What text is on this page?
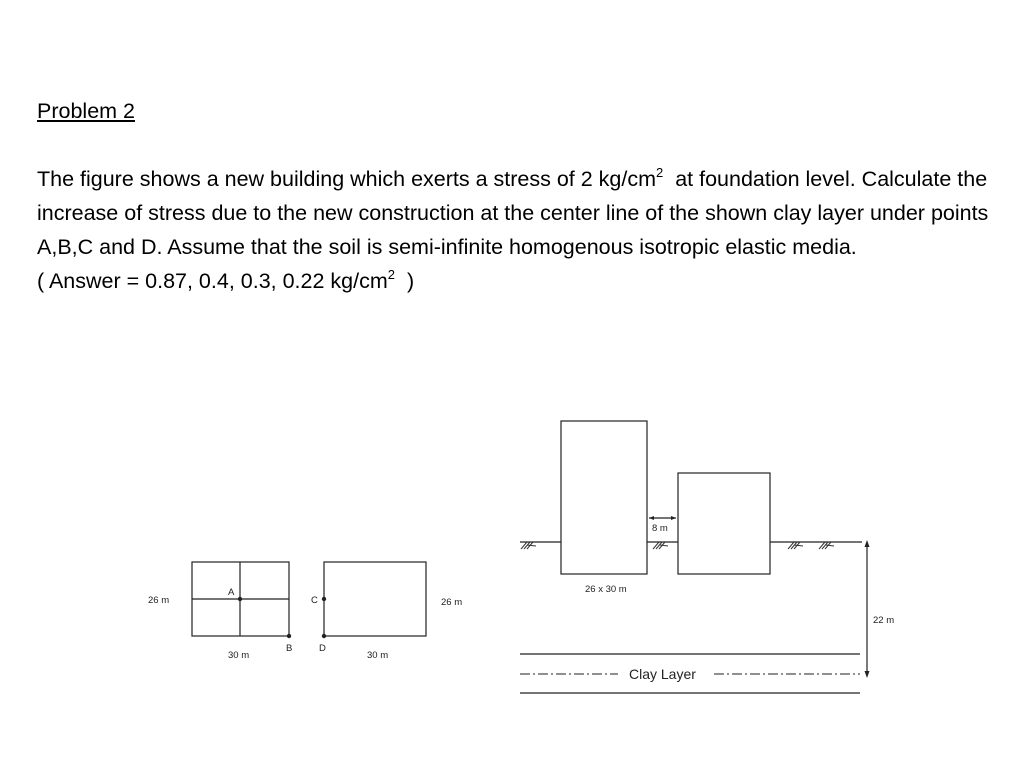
Problem 2

The figure shows a new building which exerts a stress of 2 $kg/cm^2$  at foundation level. Calculate the increase of stress due to the new construction at the center line of the shown clay layer under points A,B,C and D. Assume that the soil is semi-infinite homogenous isotropic elastic media.

( Answer = 0.87, 0.4, 0.3, 0.22 $kg/cm^2$  )

A
B
26 m
30 m
C
D
26 m
30 m
8 m
26 x 30 m
22 m
Clay Layer
